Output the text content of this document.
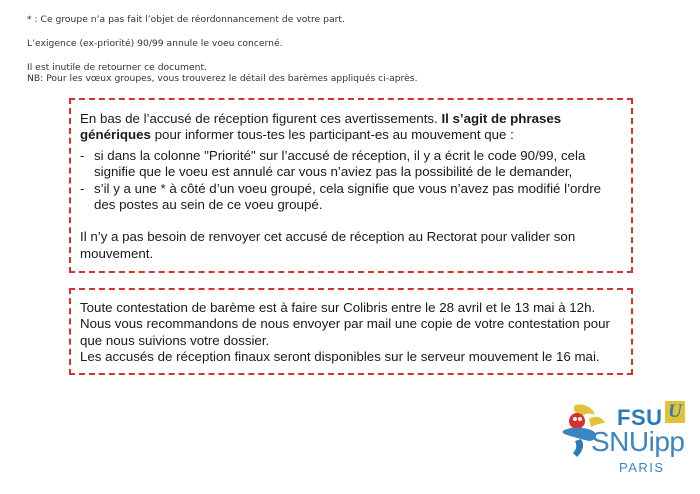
* : Ce groupe n’a pas fait l’objet de réordonnancement de votre part.

L’exigence (ex-priorité) 90/99 annule le voeu concerné.

Il est inutile de retourner ce document.

NB: Pour les vœux groupes, vous trouverez le détail des barèmes appliqués ci-après.

En bas de l’accusé de réception figurent ces avertissements. Il s’agit de phrases génériques pour informer tous-tes les participant-es au mouvement que :

- si dans la colonne "Priorité" sur l’accusé de réception, il y a écrit le code 90/99, cela signifie que le voeu est annulé car vous n’aviez pas la possibilité de le demander,
- s’il y a une * à côté d’un voeu groupé, cela signifie que vous n’avez pas modifié l’ordre des postes au sein de ce voeu groupé.

Il n’y a pas besoin de renvoyer cet accusé de réception au Rectorat pour valider son mouvement.

Toute contestation de barème est à faire sur Colibris entre le 28 avril et le 13 mai à 12h.

Nous vous recommandons de nous envoyer par mail une copie de votre contestation pour que nous suivions votre dossier.

Les accusés de réception finaux seront disponibles sur le serveur mouvement le 16 mai.

FSU U
SNUipp
PARIS
